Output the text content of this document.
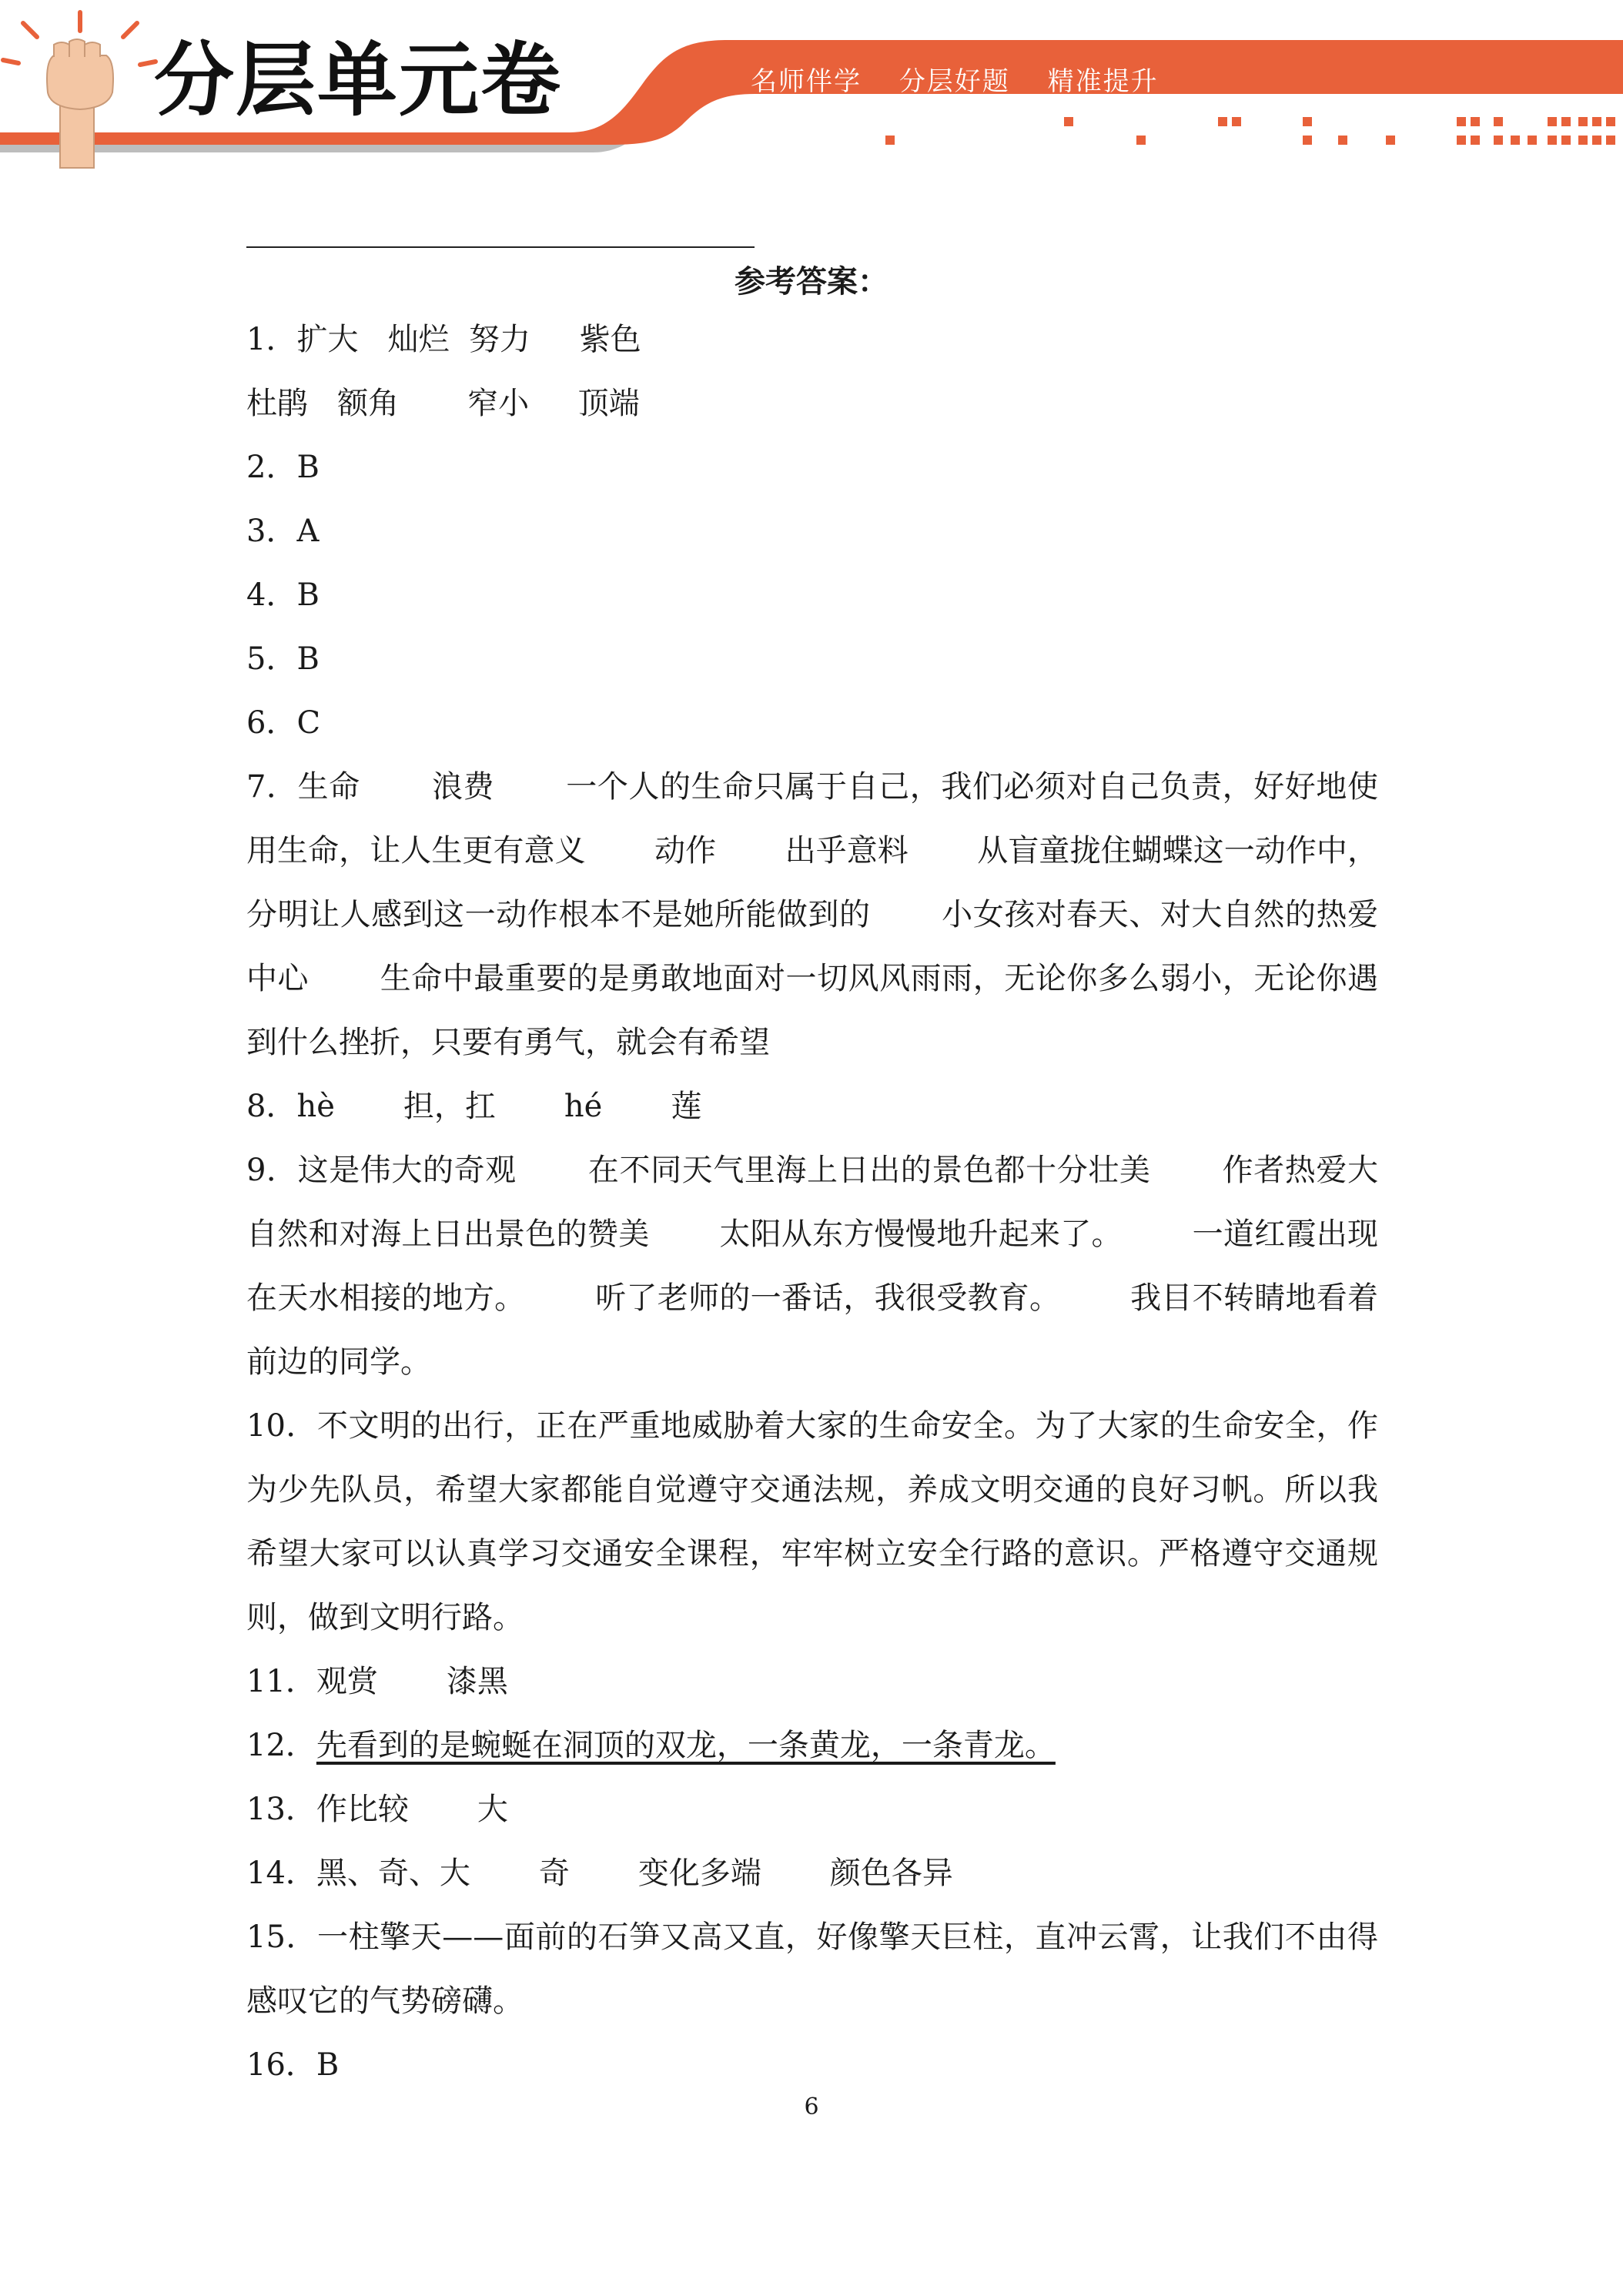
分层单元卷	名师伴学 分层好题 精准提升
参考答案：

1．扩大   灿烂  努力     紫色

杜鹃   额角       窄小     顶端

2．B

3．A

4．B

5．B

6．C

7．生命       浪费       一个人的生命只属于自己，我们必须对自己负责，好好地使用生命，让人生更有意义       动作       出乎意料       从盲童拢住蝴蝶这一动作中，分明让人感到这一动作根本不是她所能做到的       小女孩对春天、对大自然的热爱       中心       生命中最重要的是勇敢地面对一切风风雨雨，无论你多么弱小，无论你遇到什么挫折，只要有勇气，就会有希望

8．hè       担，扛       hé       莲

9．这是伟大的奇观       在不同天气里海上日出的景色都十分壮美       作者热爱大自然和对海上日出景色的赞美       太阳从东方慢慢地升起来了。       一道红霞出现在天水相接的地方。       听了老师的一番话，我很受教育。       我目不转睛地看着前边的同学。

10．不文明的出行，正在严重地威胁着大家的生命安全。为了大家的生命安全，作为少先队员，希望大家都能自觉遵守交通法规，养成文明交通的良好习帆。所以我希望大家可以认真学习交通安全课程，牢牢树立安全行路的意识。严格遵守交通规则，做到文明行路。

11．观赏       漆黑

12．先看到的是蜿蜒在洞顶的双龙，一条黄龙，一条青龙。

13．作比较       大

14．黑、奇、大       奇       变化多端       颜色各异

15．一柱擎天——面前的石笋又高又直，好像擎天巨柱，直冲云霄，让我们不由得感叹它的气势磅礴。

16．B

6
